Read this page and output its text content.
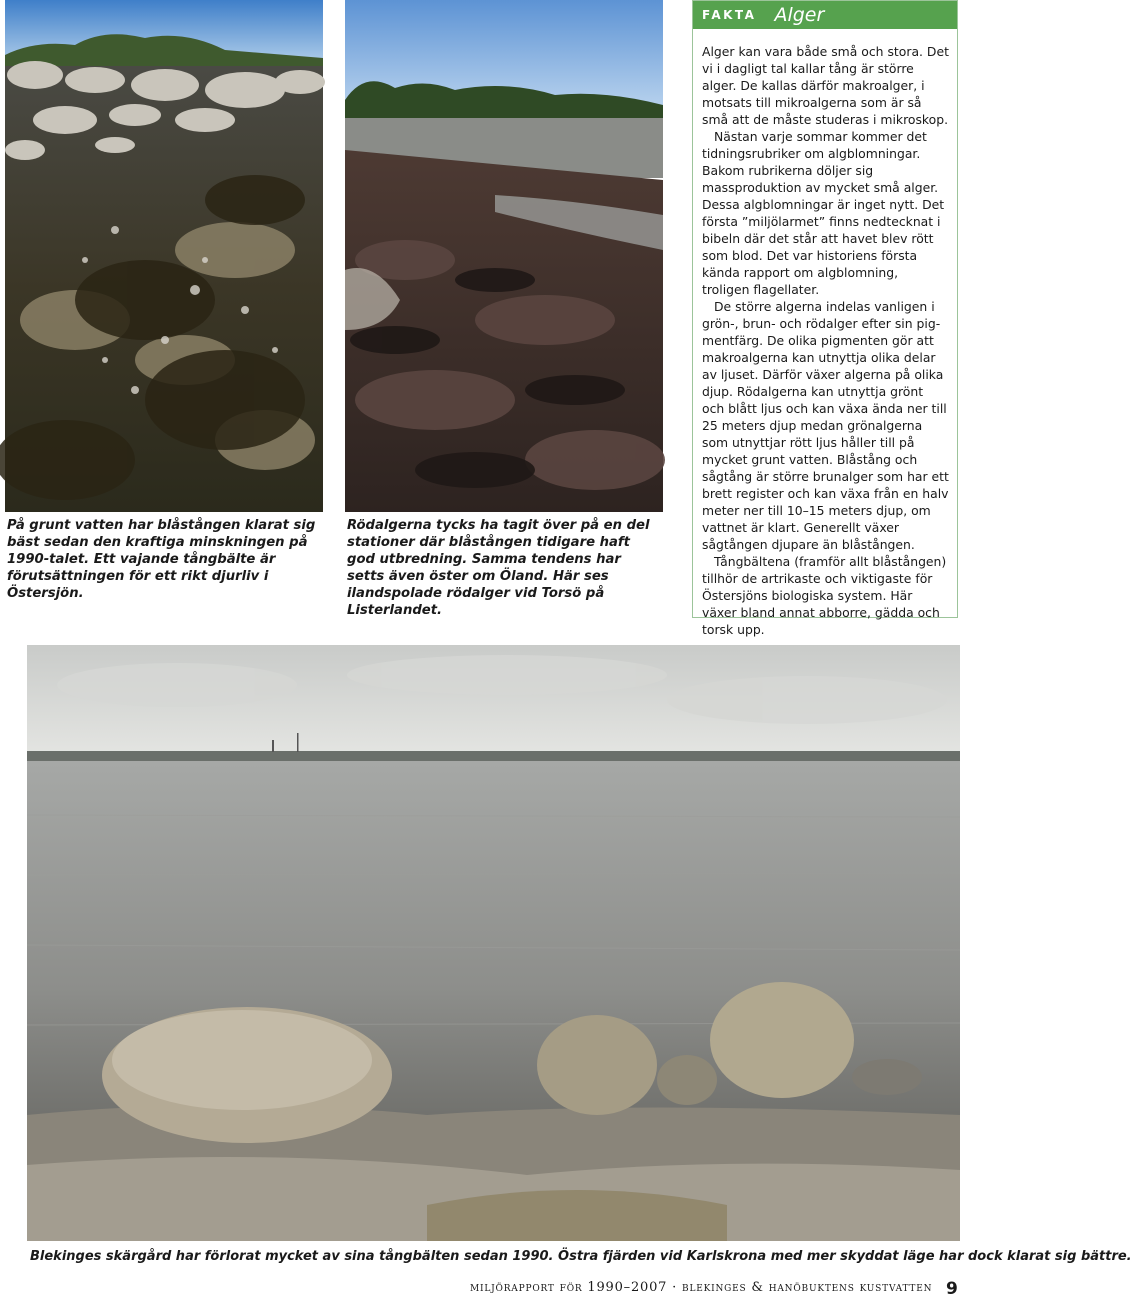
På grunt vatten har blåstången klarat sig bäst sedan den kraftiga minskningen på 1990-talet. Ett vajande tångbälte är förutsättningen för ett rikt djurliv i Östersjön.
Rödalgerna tycks ha tagit över på en del stationer där blåstången tidigare haft god utbredning. Samma tendens har setts även öster om Öland. Här ses ilandspolade rödalger vid Torsö på Listerlandet.
FAKTA Alger

Alger kan vara både små och stora. Det vi i dagligt tal kallar tång är större alger. De kallas därför makroalger, i motsats till mikroalgerna som är så små att de måste studeras i mikroskop.

Nästan varje sommar kommer det tidningsrubriker om algblomningar. Bakom rubrikerna döljer sig massproduktion av mycket små alger. Dessa algblomningar är inget nytt. Det första ”miljölarmet” finns nedtecknat i bibeln där det står att havet blev rött som blod. Det var historiens första kända rapport om algblomning, troligen flagellater.

De större algerna indelas vanligen i grön-, brun- och rödalger efter sin pigmentfärg. De olika pigmenten gör att makroalgerna kan utnyttja olika delar av ljuset. Därför växer algerna på olika djup. Rödalgerna kan utnyttja grönt och blått ljus och kan växa ända ner till 25 meters djup medan grönalgerna som utnyttjar rött ljus håller till på mycket grunt vatten. Blåstång och sågtång är större brunalger som har ett brett register och kan växa från en halv meter ner till 10–15 meters djup, om vattnet är klart. Generellt växer sågtången djupare än blåstången.

Tångbältena (framför allt blåstången) tillhör de artrikaste och viktigaste för Östersjöns biologiska system. Här växer bland annat abborre, gädda och torsk upp.

Blekinges skärgård har förlorat mycket av sina tångbälten sedan 1990. Östra fjärden vid Karlskrona med mer skyddat läge har dock klarat sig bättre.
miljörapport för 1990–2007 · blekinges & hanöbuktens kustvatten 9
